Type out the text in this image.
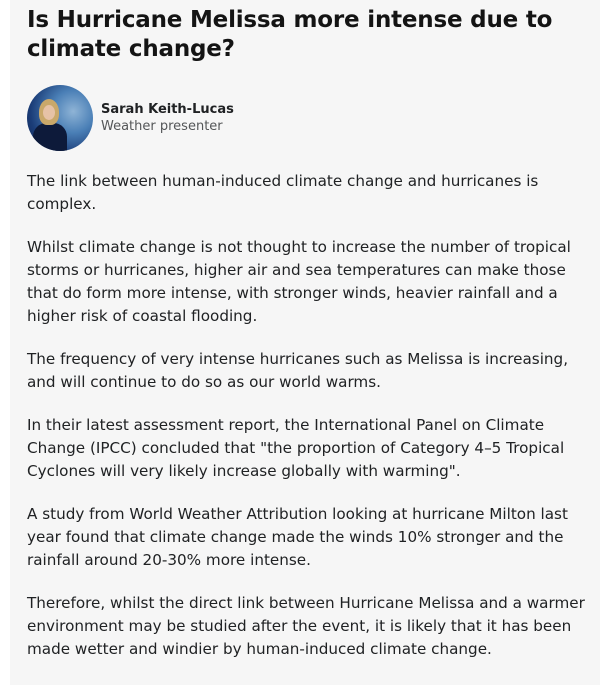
Is Hurricane Melissa more intense due to climate change?
Sarah Keith-Lucas
Weather presenter

The link between human-induced climate change and hurricanes is complex.

Whilst climate change is not thought to increase the number of tropical storms or hurricanes, higher air and sea temperatures can make those that do form more intense, with stronger winds, heavier rainfall and a higher risk of coastal flooding.

The frequency of very intense hurricanes such as Melissa is increasing, and will continue to do so as our world warms.

In their latest assessment report, the International Panel on Climate Change (IPCC) concluded that "the proportion of Category 4–5 Tropical Cyclones will very likely increase globally with warming".

A study from World Weather Attribution looking at hurricane Milton last year found that climate change made the winds 10% stronger and the rainfall around 20-30% more intense.

Therefore, whilst the direct link between Hurricane Melissa and a warmer environment may be studied after the event, it is likely that it has been made wetter and windier by human-induced climate change.
